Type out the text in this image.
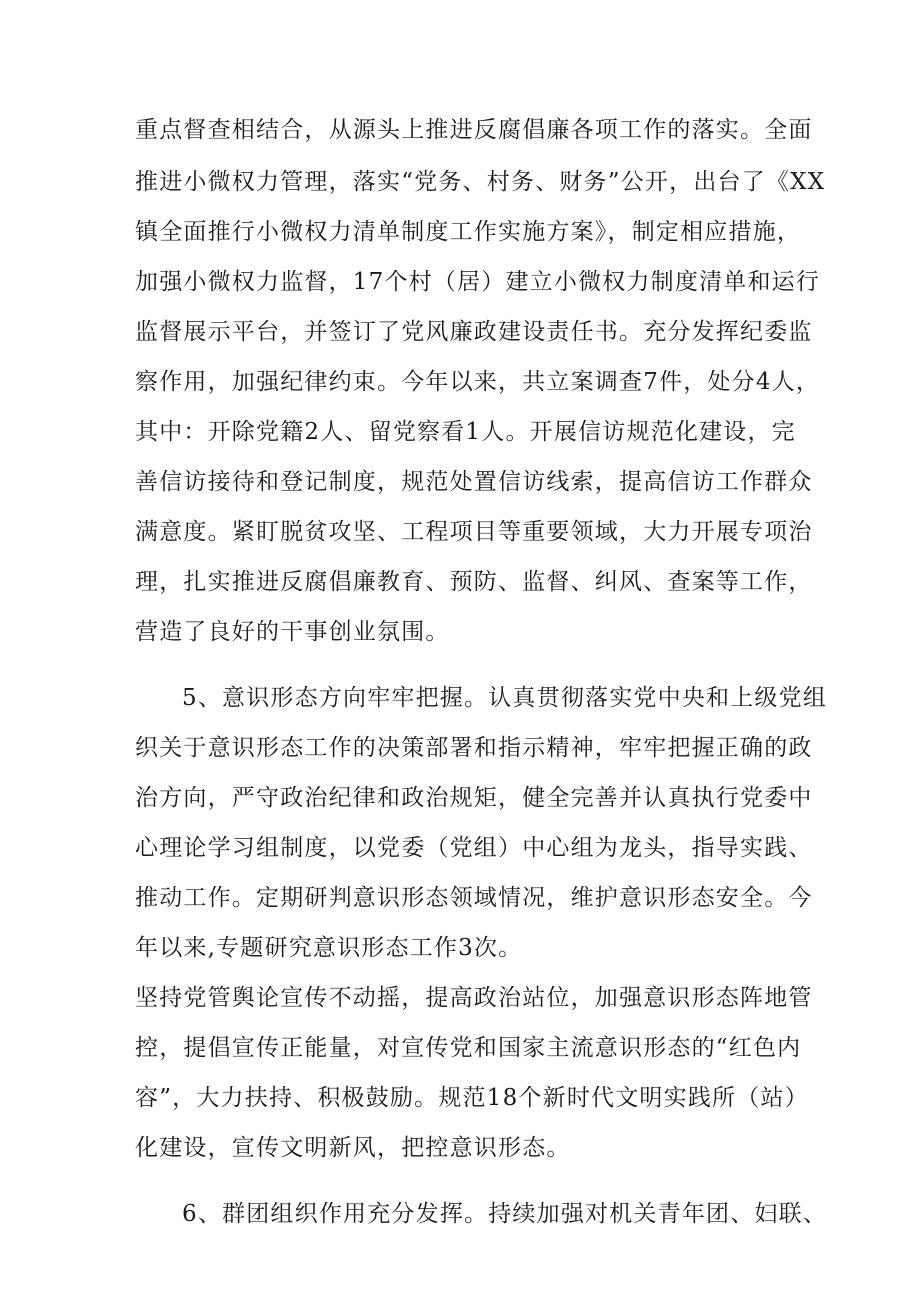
重点督查相结合，从源头上推进反腐倡廉各项工作的落实。全面
推进小微权力管理，落实“党务、村务、财务”公开，出台了《XX
镇全面推行小微权力清单制度工作实施方案》，制定相应措施，
加强小微权力监督，17个村（居）建立小微权力制度清单和运行
监督展示平台，并签订了党风廉政建设责任书。充分发挥纪委监
察作用，加强纪律约束。今年以来，共立案调查7件，处分4人，
其中：开除党籍2人、留党察看1人。开展信访规范化建设，完
善信访接待和登记制度，规范处置信访线索，提高信访工作群众
满意度。紧盯脱贫攻坚、工程项目等重要领域，大力开展专项治
理，扎实推进反腐倡廉教育、预防、监督、纠风、查案等工作，
营造了良好的干事创业氛围。
5、意识形态方向牢牢把握。认真贯彻落实党中央和上级党组
织关于意识形态工作的决策部署和指示精神，牢牢把握正确的政
治方向，严守政治纪律和政治规矩，健全完善并认真执行党委中
心理论学习组制度，以党委（党组）中心组为龙头，指导实践、
推动工作。定期研判意识形态领域情况，维护意识形态安全。今
年以来,专题研究意识形态工作3次。
坚持党管舆论宣传不动摇，提高政治站位，加强意识形态阵地管
控，提倡宣传正能量，对宣传党和国家主流意识形态的“红色内
容”，大力扶持、积极鼓励。规范18个新时代文明实践所（站）
化建设，宣传文明新风，把控意识形态。
6、群团组织作用充分发挥。持续加强对机关青年团、妇联、
